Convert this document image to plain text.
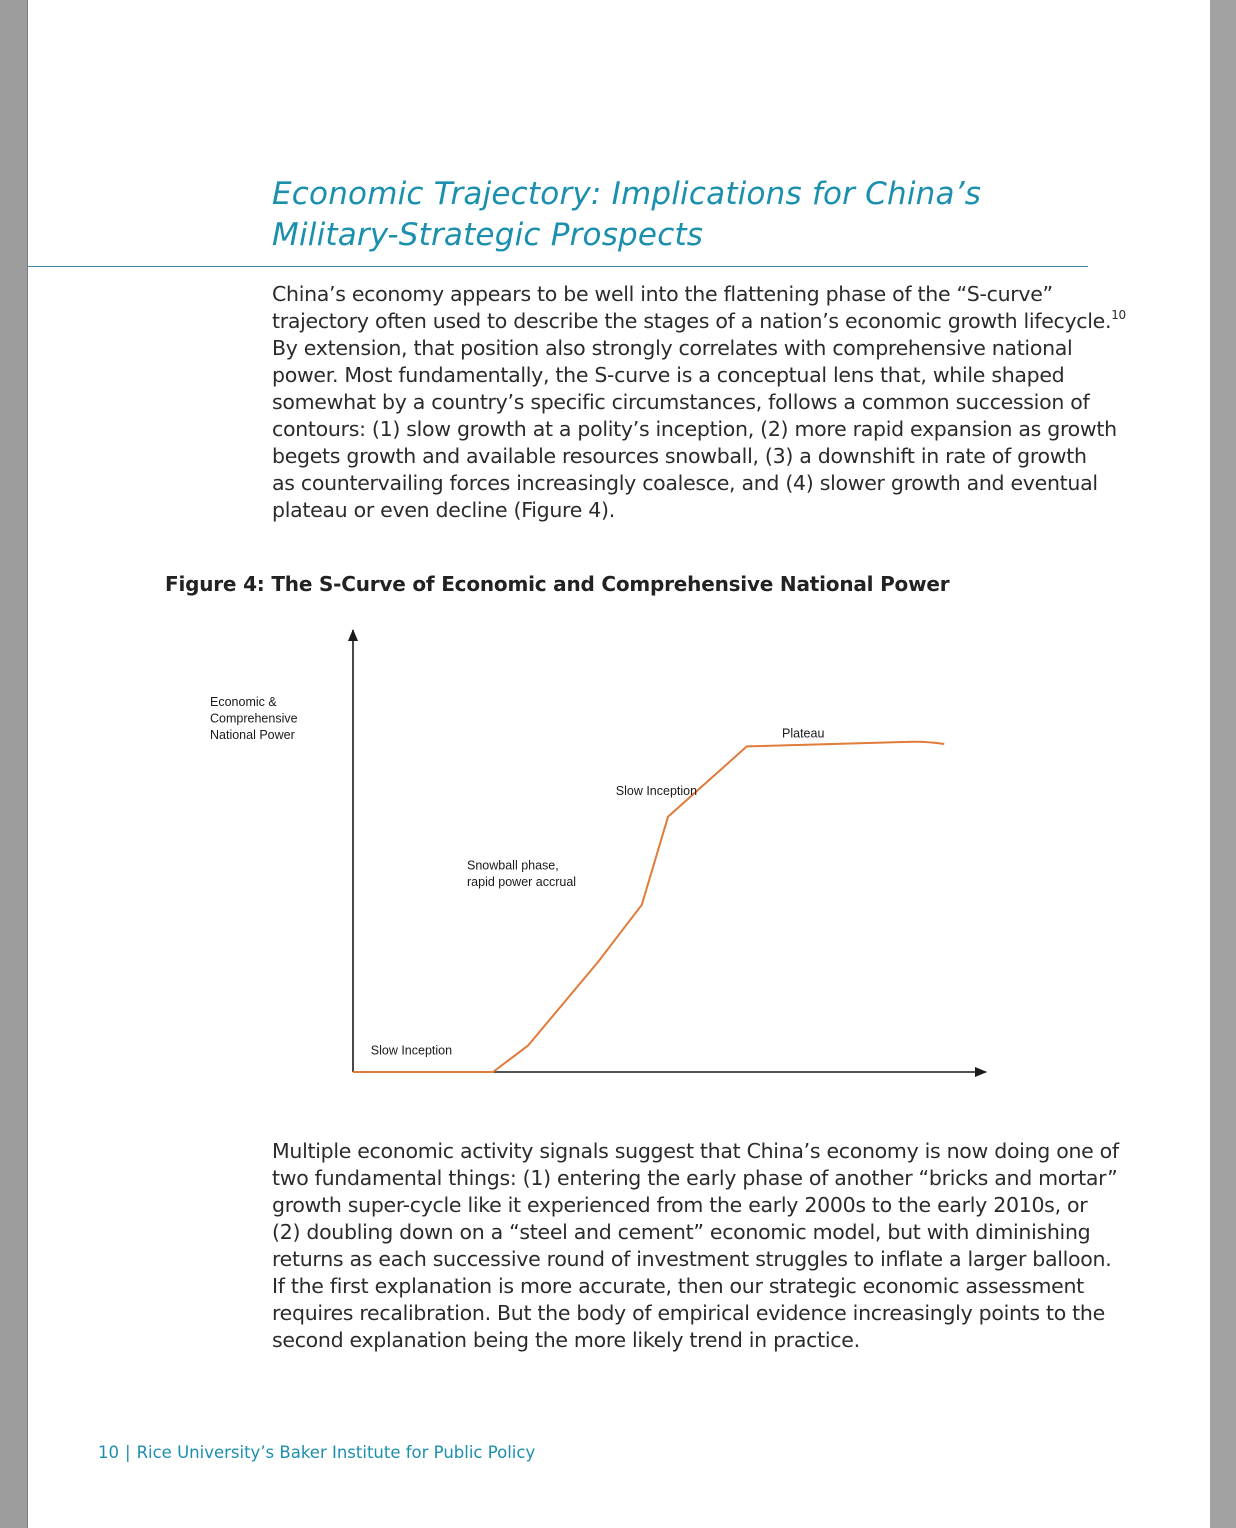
Economic Trajectory: Implications for China’s
Military-Strategic Prospects

China’s economy appears to be well into the flattening phase of the “S-curve”
trajectory often used to describe the stages of a nation’s economic growth lifecycle.$^{10}$
By extension, that position also strongly correlates with comprehensive national
power. Most fundamentally, the S-curve is a conceptual lens that, while shaped
somewhat by a country’s specific circumstances, follows a common succession of
contours: (1) slow growth at a polity’s inception, (2) more rapid expansion as growth
begets growth and available resources snowball, (3) a downshift in rate of growth
as countervailing forces increasingly coalesce, and (4) slower growth and eventual
plateau or even decline (Figure 4).

Figure 4: The S-Curve of Economic and Comprehensive National Power
Economic & Comprehensive National Power
Slow Inception
Snowball phase, rapid power accrual
Slow Inception
Plateau

Multiple economic activity signals suggest that China’s economy is now doing one of
two fundamental things: (1) entering the early phase of another “bricks and mortar”
growth super-cycle like it experienced from the early 2000s to the early 2010s, or
(2) doubling down on a “steel and cement” economic model, but with diminishing
returns as each successive round of investment struggles to inflate a larger balloon.
If the first explanation is more accurate, then our strategic economic assessment
requires recalibration. But the body of empirical evidence increasingly points to the
second explanation being the more likely trend in practice.

10 | Rice University’s Baker Institute for Public Policy
